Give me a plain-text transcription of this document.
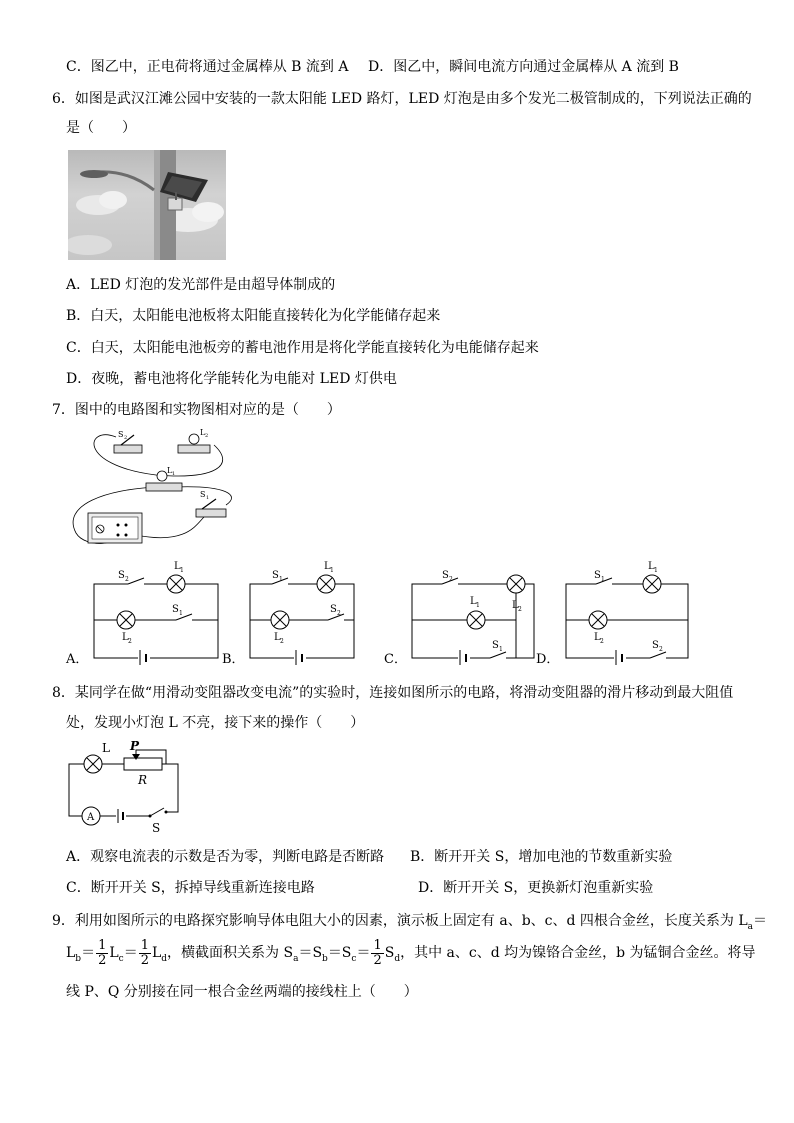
C．图乙中，正电荷将通过金属棒从 B 流到 A D．图乙中，瞬间电流方向通过金属棒从 A 流到 B
6．如图是武汉江滩公园中安装的一款太阳能 LED 路灯，LED 灯泡是由多个发光二极管制成的，下列说法正确的
是（　　）
A．LED 灯泡的发光部件是由超导体制成的
B．白天，太阳能电池板将太阳能直接转化为化学能储存起来
C．白天，太阳能电池板旁的蓄电池作用是将化学能直接转化为电能储存起来
D．夜晚，蓄电池将化学能转化为电能对 LED 灯供电
7．图中的电路图和实物图相对应的是（　　）
S 2
L 2
L 1
S 1
S 2
L 1
S 1
L 2
S 1
L 1
S 2
L 2
S 2
L 1	L 2
S 1
S 1
L 1
L 2	S 2
A．	B．	C．	D．
8．某同学在做“用滑动变阻器改变电流”的实验时，连接如图所示的电路，将滑动变阻器的滑片移动到最大阻值
处，发现小灯泡 L 不亮，接下来的操作（　　）
L P
R
A
S
A．观察电流表的示数是否为零，判断电路是否断路 B．断开开关 S，增加电池的节数重新实验
C．断开开关 S，拆掉导线重新连接电路	D．断开开关 S，更换新灯泡重新实验
9．利用如图所示的电路探究影响导体电阻大小的因素，演示板上固定有 a、b、c、d 四根合金丝，长度关系为 $L_a=$
$L_b= \frac{1}{2} L_c= \frac{1}{2} L_d$，横截面积关系为 $S_a=S_b=S_c= \frac{1}{2} S_d$，其中 a、c、d 均为镍铬合金丝，b 为锰铜合金丝。将导
线 P、Q 分别接在同一根合金丝两端的接线柱上（　　）
